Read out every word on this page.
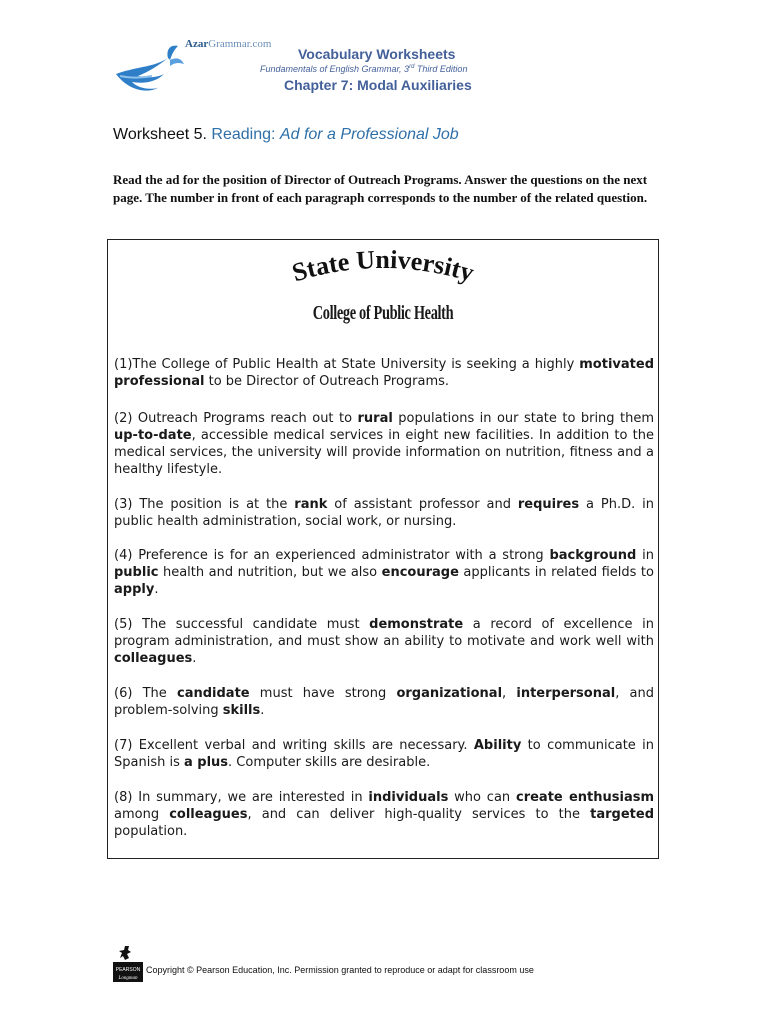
AzarGrammar.com
Vocabulary Worksheets
Fundamentals of English Grammar, 3rd Third Edition
Chapter 7: Modal Auxiliaries
Worksheet 5. Reading: Ad for a Professional Job
Read the ad for the position of Director of Outreach Programs. Answer the questions on the next page. The number in front of each paragraph corresponds to the number of the related question.
State University
College of Public Health
(1)The College of Public Health at State University is seeking a highly motivated professional to be Director of Outreach Programs.
(2) Outreach Programs reach out to rural populations in our state to bring them up-to-date, accessible medical services in eight new facilities. In addition to the medical services, the university will provide information on nutrition, fitness and a healthy lifestyle.
(3) The position is at the rank of assistant professor and requires a Ph.D. in public health administration, social work, or nursing.
(4) Preference is for an experienced administrator with a strong background in public health and nutrition, but we also encourage applicants in related fields to apply.
(5) The successful candidate must demonstrate a record of excellence in program administration, and must show an ability to motivate and work well with colleagues.
(6) The candidate must have strong organizational, interpersonal, and problem-solving skills.
(7) Excellent verbal and writing skills are necessary. Ability to communicate in Spanish is a plus. Computer skills are desirable.
(8) In summary, we are interested in individuals who can create enthusiasm among colleagues, and can deliver high-quality services to the targeted population.
PEARSON
Longman
Copyright © Pearson Education, Inc. Permission granted to reproduce or adapt for classroom use
